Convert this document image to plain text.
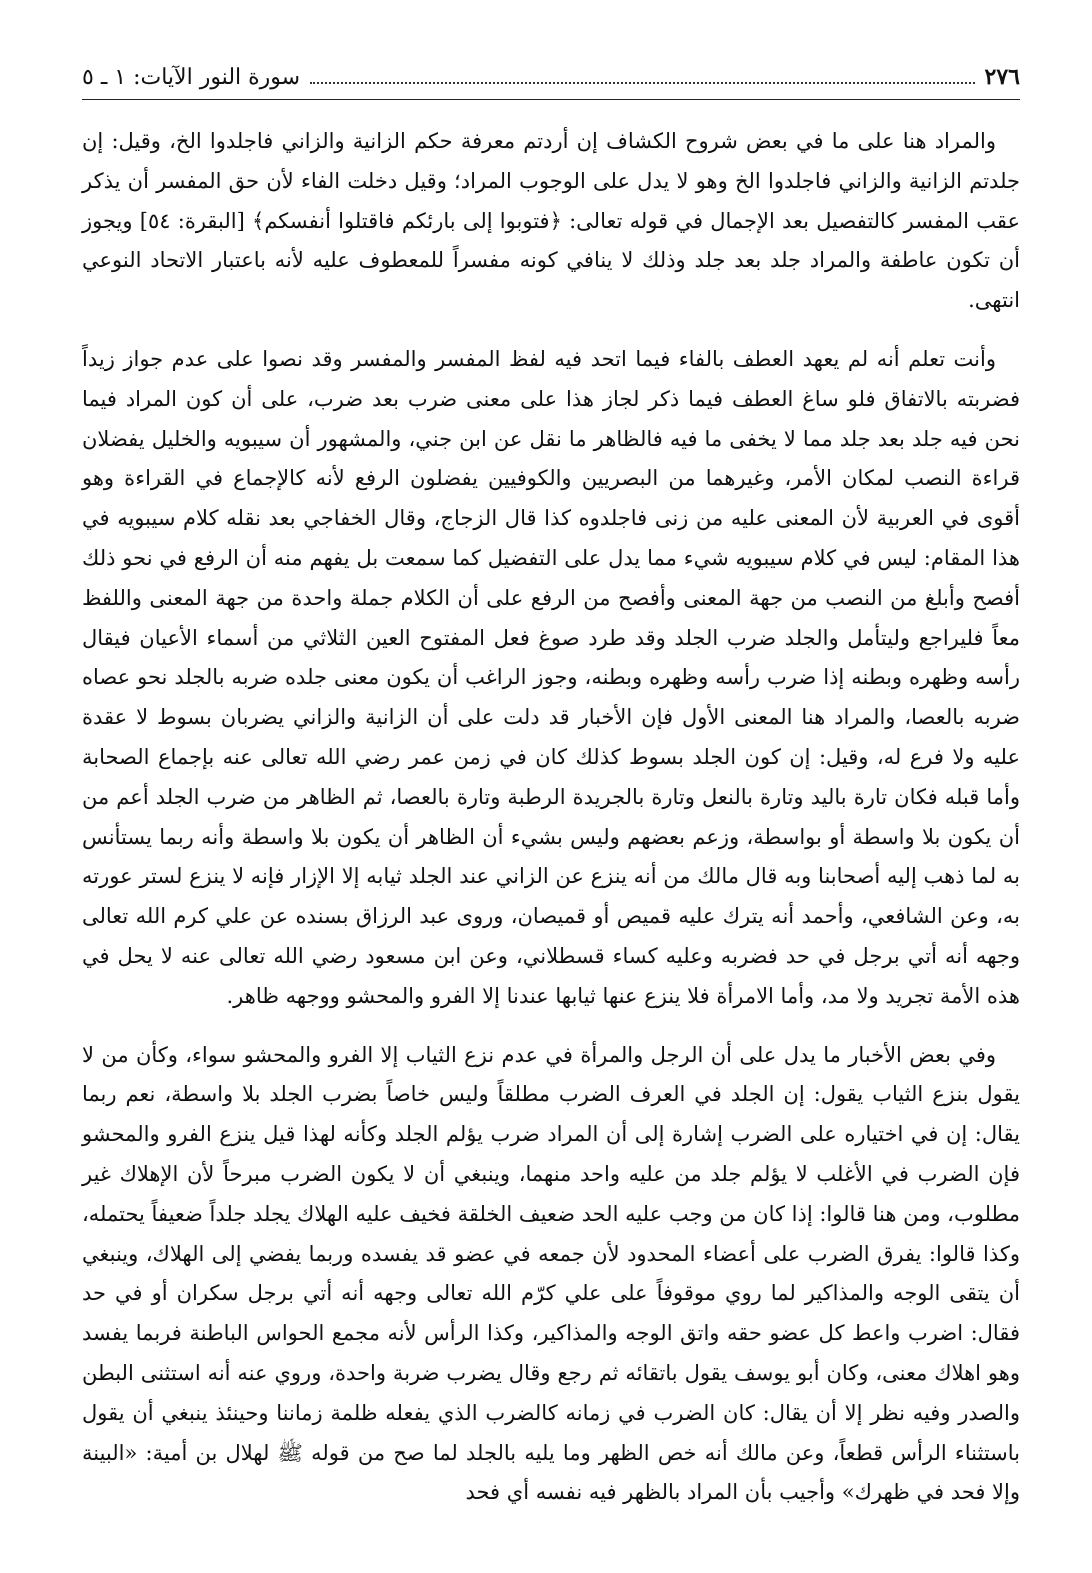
٢٧٦
سورة النور الآيات: ١ ـ ٥

والمراد هنا على ما في بعض شروح الكشاف إن أردتم معرفة حكم الزانية والزاني فاجلدوا الخ، وقيل: إن جلدتم الزانية والزاني فاجلدوا الخ وهو لا يدل على الوجوب المراد؛ وقيل دخلت الفاء لأن حق المفسر أن يذكر عقب المفسر كالتفصيل بعد الإجمال في قوله تعالى: ﴿فتوبوا إلى بارئكم فاقتلوا أنفسكم﴾ [البقرة: ٥٤] ويجوز أن تكون عاطفة والمراد جلد بعد جلد وذلك لا ينافي كونه مفسراً للمعطوف عليه لأنه باعتبار الاتحاد النوعي انتهى.

وأنت تعلم أنه لم يعهد العطف بالفاء فيما اتحد فيه لفظ المفسر والمفسر وقد نصوا على عدم جواز زيداً فضربته بالاتفاق فلو ساغ العطف فيما ذكر لجاز هذا على معنى ضرب بعد ضرب، على أن كون المراد فيما نحن فيه جلد بعد جلد مما لا يخفى ما فيه فالظاهر ما نقل عن ابن جني، والمشهور أن سيبويه والخليل يفضلان قراءة النصب لمكان الأمر، وغيرهما من البصريين والكوفيين يفضلون الرفع لأنه كالإجماع في القراءة وهو أقوى في العربية لأن المعنى عليه من زنى فاجلدوه كذا قال الزجاج، وقال الخفاجي بعد نقله كلام سيبويه في هذا المقام: ليس في كلام سيبويه شيء مما يدل على التفضيل كما سمعت بل يفهم منه أن الرفع في نحو ذلك أفصح وأبلغ من النصب من جهة المعنى وأفصح من الرفع على أن الكلام جملة واحدة من جهة المعنى واللفظ معاً فليراجع وليتأمل والجلد ضرب الجلد وقد طرد صوغ فعل المفتوح العين الثلاثي من أسماء الأعيان فيقال رأسه وظهره وبطنه إذا ضرب رأسه وظهره وبطنه، وجوز الراغب أن يكون معنى جلده ضربه بالجلد نحو عصاه ضربه بالعصا، والمراد هنا المعنى الأول فإن الأخبار قد دلت على أن الزانية والزاني يضربان بسوط لا عقدة عليه ولا فرع له، وقيل: إن كون الجلد بسوط كذلك كان في زمن عمر رضي الله تعالى عنه بإجماع الصحابة وأما قبله فكان تارة باليد وتارة بالنعل وتارة بالجريدة الرطبة وتارة بالعصا، ثم الظاهر من ضرب الجلد أعم من أن يكون بلا واسطة أو بواسطة، وزعم بعضهم وليس بشيء أن الظاهر أن يكون بلا واسطة وأنه ربما يستأنس به لما ذهب إليه أصحابنا وبه قال مالك من أنه ينزع عن الزاني عند الجلد ثيابه إلا الإزار فإنه لا ينزع لستر عورته به، وعن الشافعي، وأحمد أنه يترك عليه قميص أو قميصان، وروى عبد الرزاق بسنده عن علي كرم الله تعالى وجهه أنه أتي برجل في حد فضربه وعليه كساء قسطلاني، وعن ابن مسعود رضي الله تعالى عنه لا يحل في هذه الأمة تجريد ولا مد، وأما الامرأة فلا ينزع عنها ثيابها عندنا إلا الفرو والمحشو ووجهه ظاهر.

وفي بعض الأخبار ما يدل على أن الرجل والمرأة في عدم نزع الثياب إلا الفرو والمحشو سواء، وكأن من لا يقول بنزع الثياب يقول: إن الجلد في العرف الضرب مطلقاً وليس خاصاً بضرب الجلد بلا واسطة، نعم ربما يقال: إن في اختياره على الضرب إشارة إلى أن المراد ضرب يؤلم الجلد وكأنه لهذا قيل ينزع الفرو والمحشو فإن الضرب في الأغلب لا يؤلم جلد من عليه واحد منهما، وينبغي أن لا يكون الضرب مبرحاً لأن الإهلاك غير مطلوب، ومن هنا قالوا: إذا كان من وجب عليه الحد ضعيف الخلقة فخيف عليه الهلاك يجلد جلداً ضعيفاً يحتمله، وكذا قالوا: يفرق الضرب على أعضاء المحدود لأن جمعه في عضو قد يفسده وربما يفضي إلى الهلاك، وينبغي أن يتقى الوجه والمذاكير لما روي موقوفاً على علي كرّم الله تعالى وجهه أنه أتي برجل سكران أو في حد فقال: اضرب واعط كل عضو حقه واتق الوجه والمذاكير، وكذا الرأس لأنه مجمع الحواس الباطنة فربما يفسد وهو اهلاك معنى، وكان أبو يوسف يقول باتقائه ثم رجع وقال يضرب ضربة واحدة، وروي عنه أنه استثنى البطن والصدر وفيه نظر إلا أن يقال: كان الضرب في زمانه كالضرب الذي يفعله ظلمة زماننا وحينئذ ينبغي أن يقول باستثناء الرأس قطعاً، وعن مالك أنه خص الظهر وما يليه بالجلد لما صح من قوله ﷺ لهلال بن أمية: «البينة وإلا فحد في ظهرك» وأجيب بأن المراد بالظهر فيه نفسه أي فحد
